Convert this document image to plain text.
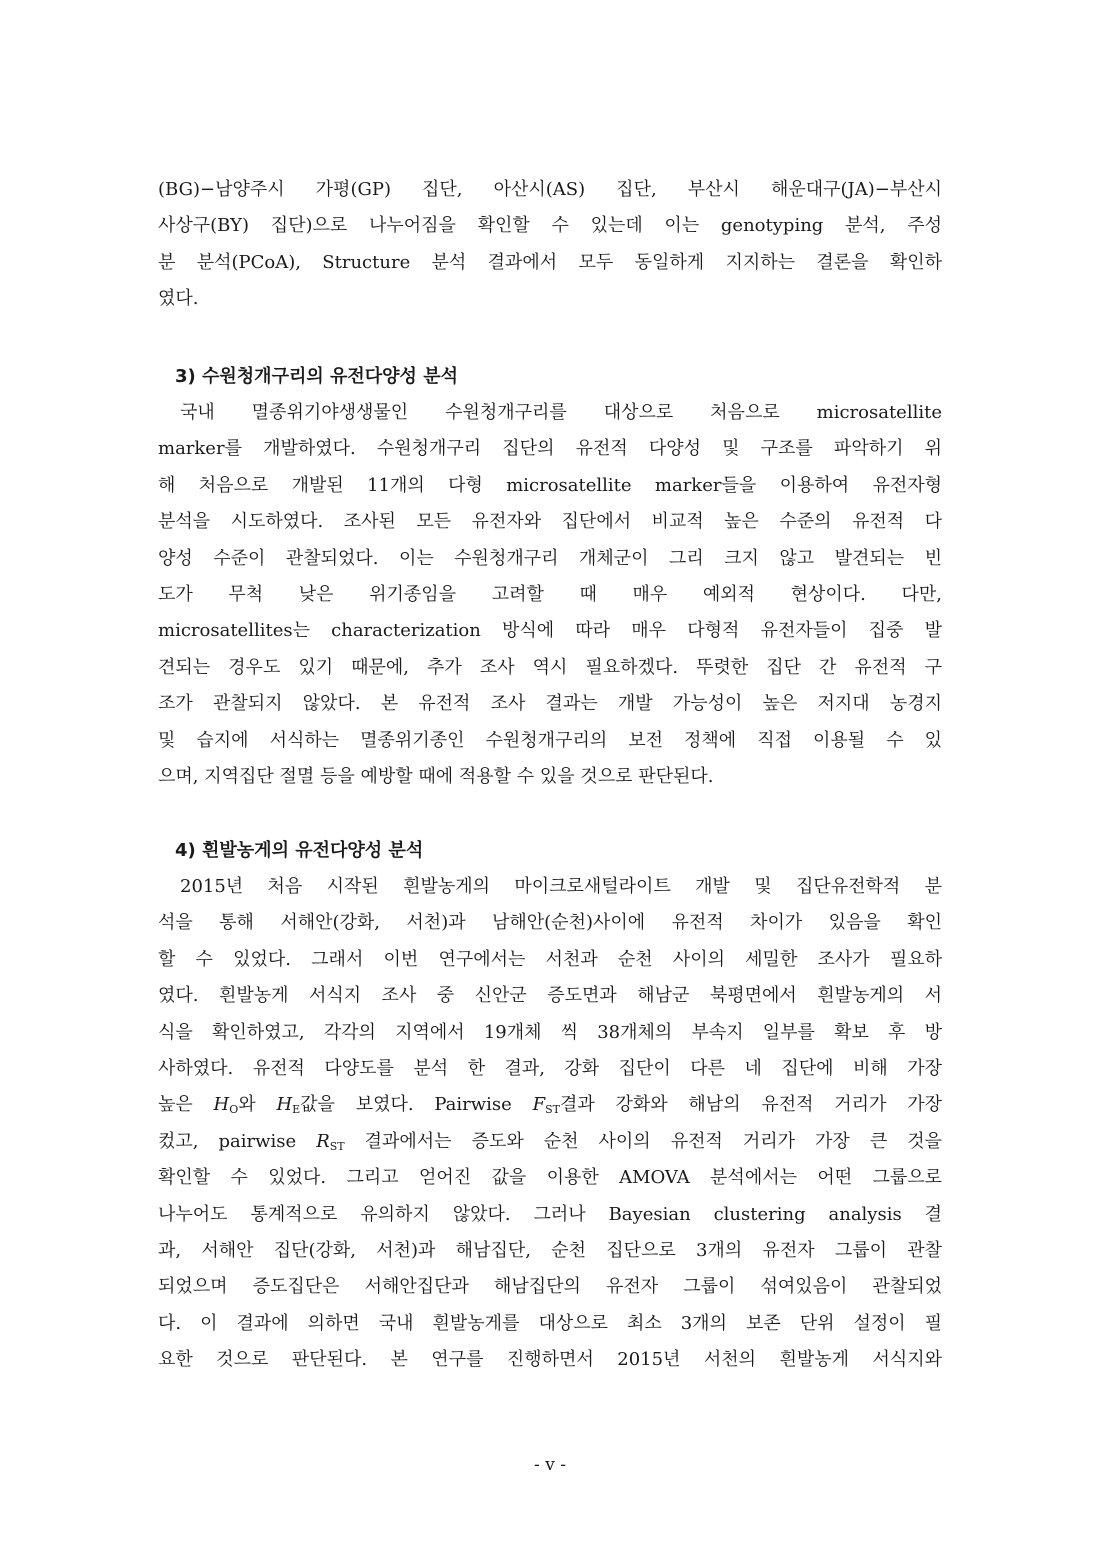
(BG)−남양주시 가평(GP) 집단, 아산시(AS) 집단, 부산시 해운대구(JA)−부산시
사상구(BY) 집단)으로 나누어짐을 확인할 수 있는데 이는 genotyping 분석, 주성
분 분석(PCoA), Structure 분석 결과에서 모두 동일하게 지지하는 결론을 확인하
였다.
3) 수원청개구리의 유전다양성 분석
국내 멸종위기야생생물인 수원청개구리를 대상으로 처음으로 microsatellite
marker를 개발하였다. 수원청개구리 집단의 유전적 다양성 및 구조를 파악하기 위
해 처음으로 개발된 11개의 다형 microsatellite marker들을 이용하여 유전자형
분석을 시도하였다. 조사된 모든 유전자와 집단에서 비교적 높은 수준의 유전적 다
양성 수준이 관찰되었다. 이는 수원청개구리 개체군이 그리 크지 않고 발견되는 빈
도가 무척 낮은 위기종임을 고려할 때 매우 예외적 현상이다. 다만,
microsatellites는 characterization 방식에 따라 매우 다형적 유전자들이 집중 발
견되는 경우도 있기 때문에, 추가 조사 역시 필요하겠다. 뚜렷한 집단 간 유전적 구
조가 관찰되지 않았다. 본 유전적 조사 결과는 개발 가능성이 높은 저지대 농경지
및 습지에 서식하는 멸종위기종인 수원청개구리의 보전 정책에 직접 이용될 수 있
으며, 지역집단 절멸 등을 예방할 때에 적용할 수 있을 것으로 판단된다.
4) 흰발농게의 유전다양성 분석
2015년 처음 시작된 흰발농게의 마이크로새털라이트 개발 및 집단유전학적 분
석을 통해 서해안(강화, 서천)과 남해안(순천)사이에 유전적 차이가 있음을 확인
할 수 있었다. 그래서 이번 연구에서는 서천과 순천 사이의 세밀한 조사가 필요하
였다. 흰발농게 서식지 조사 중 신안군 증도면과 해남군 북평면에서 흰발농게의 서
식을 확인하였고, 각각의 지역에서 19개체 씩 38개체의 부속지 일부를 확보 후 방
사하였다. 유전적 다양도를 분석 한 결과, 강화 집단이 다른 네 집단에 비해 가장
높은 $H_O$와 $H_E$값을 보였다. Pairwise $F_{ST}$결과 강화와 해남의 유전적 거리가 가장
컸고, pairwise $R_{ST}$ 결과에서는 증도와 순천 사이의 유전적 거리가 가장 큰 것을
확인할 수 있었다. 그리고 얻어진 값을 이용한 AMOVA 분석에서는 어떤 그룹으로
나누어도 통계적으로 유의하지 않았다. 그러나 Bayesian clustering analysis 결
과, 서해안 집단(강화, 서천)과 해남집단, 순천 집단으로 3개의 유전자 그룹이 관찰
되었으며 증도집단은 서해안집단과 해남집단의 유전자 그룹이 섞여있음이 관찰되었
다. 이 결과에 의하면 국내 흰발농게를 대상으로 최소 3개의 보존 단위 설정이 필
요한 것으로 판단된다. 본 연구를 진행하면서 2015년 서천의 흰발농게 서식지와
- v -
